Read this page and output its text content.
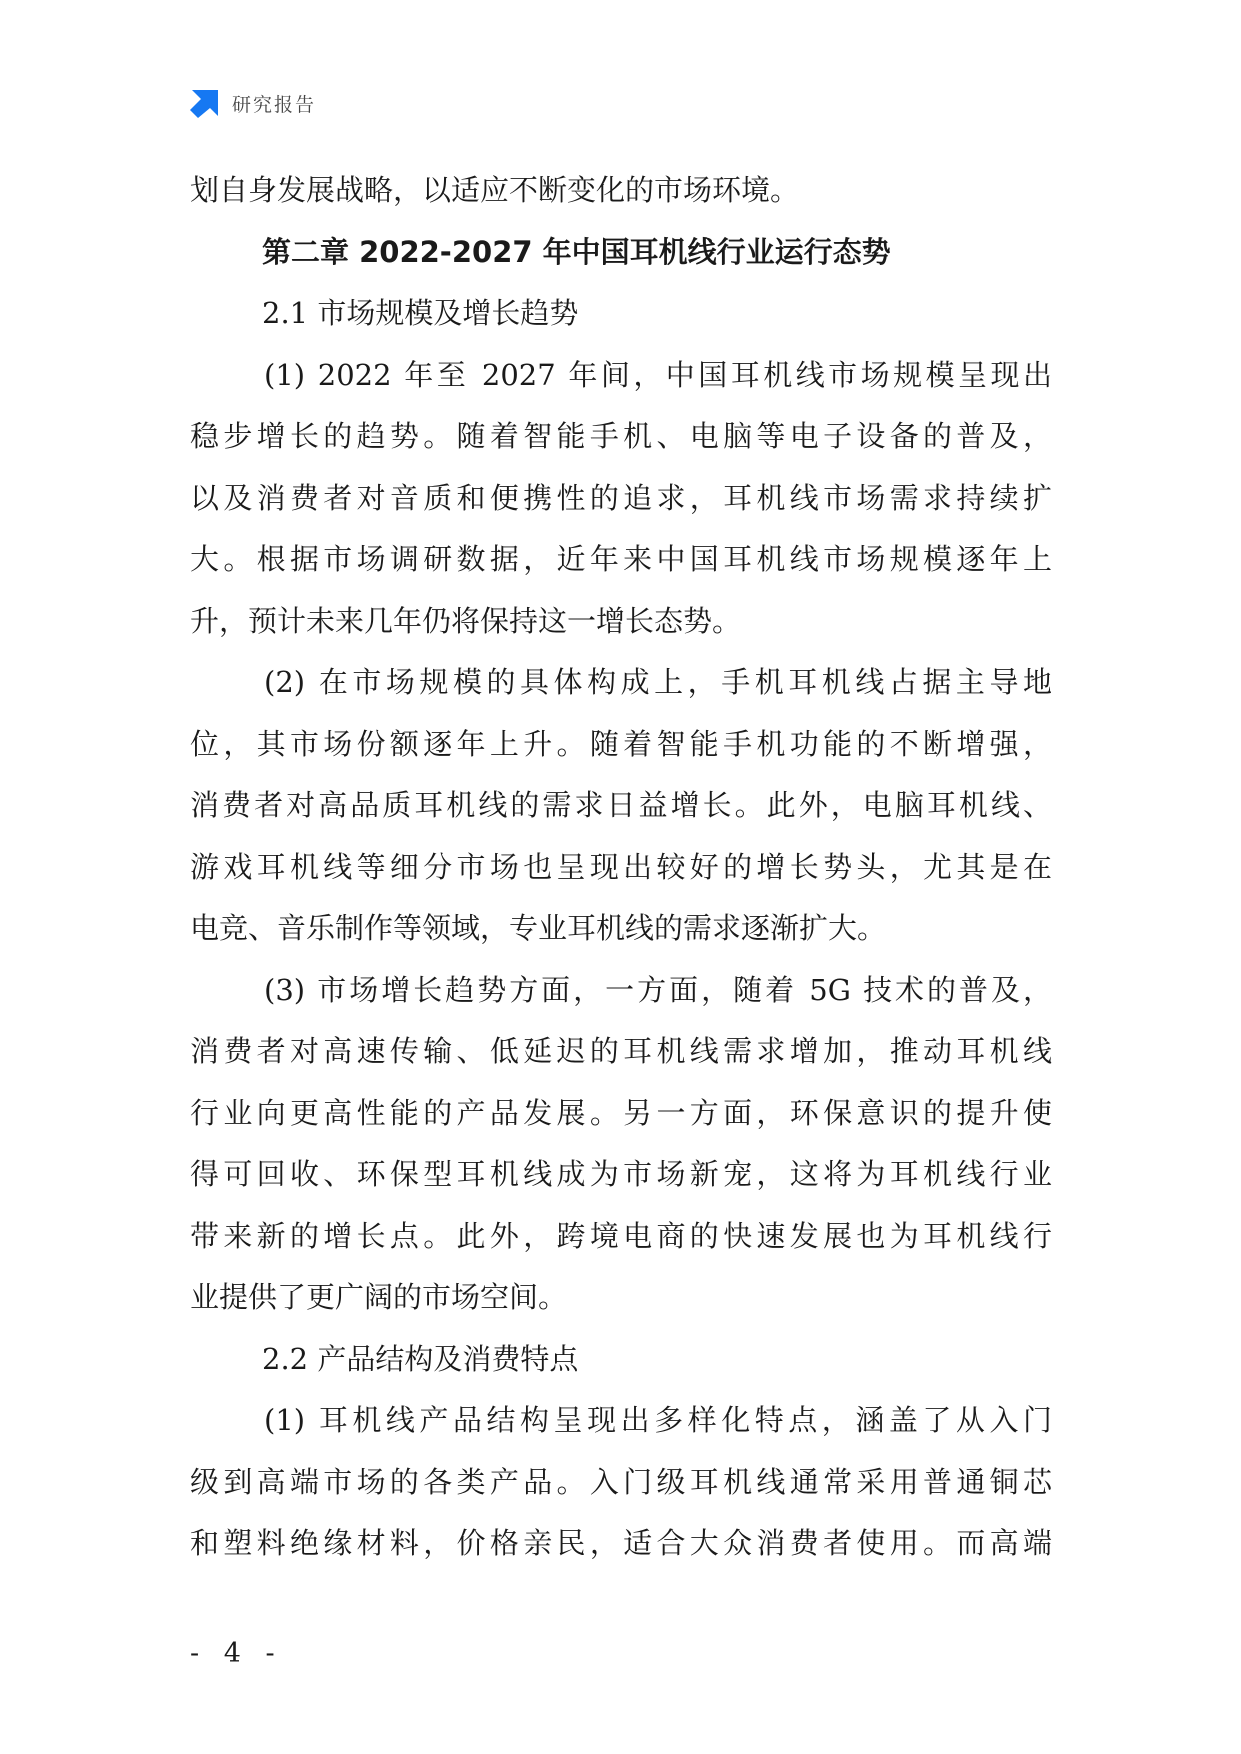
研究报告
划自身发展战略，以适应不断变化的市场环境。
第二章 2022-2027 年中国耳机线行业运行态势
2.1 市场规模及增长趋势
(1) 2022 年至 2027 年间，中国耳机线市场规模呈现出
稳步增长的趋势。随着智能手机、电脑等电子设备的普及，
以及消费者对音质和便携性的追求，耳机线市场需求持续扩
大。根据市场调研数据，近年来中国耳机线市场规模逐年上
升，预计未来几年仍将保持这一增长态势。
(2) 在市场规模的具体构成上，手机耳机线占据主导地
位，其市场份额逐年上升。随着智能手机功能的不断增强，
消费者对高品质耳机线的需求日益增长。此外，电脑耳机线、
游戏耳机线等细分市场也呈现出较好的增长势头，尤其是在
电竞、音乐制作等领域，专业耳机线的需求逐渐扩大。
(3) 市场增长趋势方面，一方面，随着 5G 技术的普及，
消费者对高速传输、低延迟的耳机线需求增加，推动耳机线
行业向更高性能的产品发展。另一方面，环保意识的提升使
得可回收、环保型耳机线成为市场新宠，这将为耳机线行业
带来新的增长点。此外，跨境电商的快速发展也为耳机线行
业提供了更广阔的市场空间。
2.2 产品结构及消费特点
(1) 耳机线产品结构呈现出多样化特点，涵盖了从入门
级到高端市场的各类产品。入门级耳机线通常采用普通铜芯
和塑料绝缘材料，价格亲民，适合大众消费者使用。而高端
- 4 -
